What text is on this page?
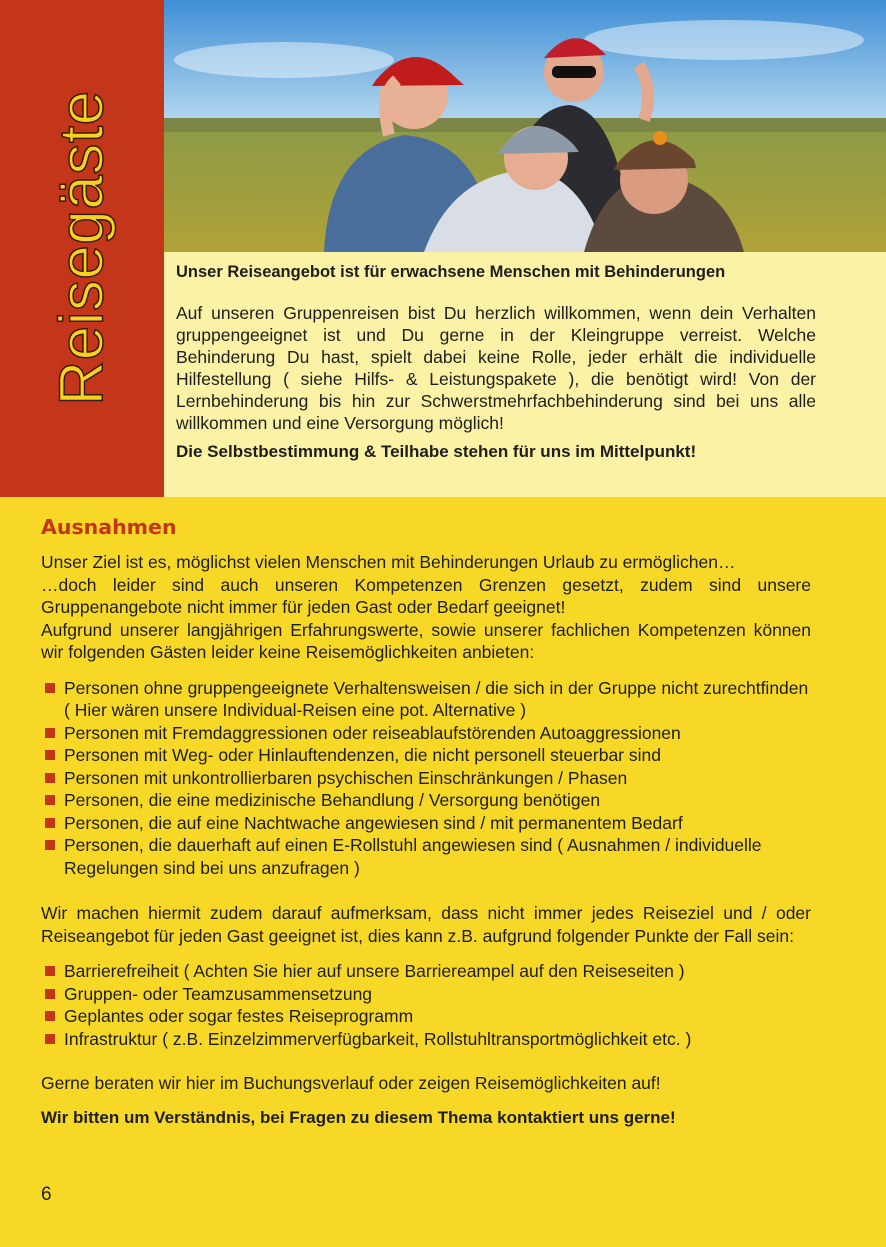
Reisegäste	Unser Reiseangebot ist für erwachsene Menschen mit Behinderungen

Auf unseren Gruppenreisen bist Du herzlich willkommen, wenn dein Verhalten gruppengeeignet ist und Du gerne in der Kleingruppe verreist. Welche Behinderung Du hast, spielt dabei keine Rolle, jeder erhält die individuelle Hilfestellung ( siehe Hilfs- & Leistungspakete ), die benötigt wird! Von der Lernbehinderung bis hin zur Schwerstmehrfachbehinderung sind bei uns alle willkommen und eine Versorgung möglich!

Die Selbstbestimmung & Teilhabe stehen für uns im Mittelpunkt!

Ausnahmen

Unser Ziel ist es, möglichst vielen Menschen mit Behinderungen Urlaub zu ermöglichen…

…doch leider sind auch unseren Kompetenzen Grenzen gesetzt, zudem sind unsere Gruppenangebote nicht immer für jeden Gast oder Bedarf geeignet!

Aufgrund unserer langjährigen Erfahrungswerte, sowie unserer fachlichen Kompetenzen können wir folgenden Gästen leider keine Reisemöglichkeiten anbieten:

Personen ohne gruppengeeignete Verhaltensweisen / die sich in der Gruppe nicht zurechtfinden ( Hier wären unsere Individual-Reisen eine pot. Alternative )
Personen mit Fremdaggressionen oder reiseablaufstörenden Autoaggressionen
Personen mit Weg- oder Hinlauftendenzen, die nicht personell steuerbar sind
Personen mit unkontrollierbaren psychischen Einschränkungen / Phasen
Personen, die eine medizinische Behandlung / Versorgung benötigen
Personen, die auf eine Nachtwache angewiesen sind / mit permanentem Bedarf
Personen, die dauerhaft auf einen E-Rollstuhl angewiesen sind ( Ausnahmen / individuelle Regelungen sind bei uns anzufragen )

Wir machen hiermit zudem darauf aufmerksam, dass nicht immer jedes Reiseziel und / oder Reiseangebot für jeden Gast geeignet ist, dies kann z.B. aufgrund folgender Punkte der Fall sein:

Barrierefreiheit ( Achten Sie hier auf unsere Barriereampel auf den Reiseseiten )
Gruppen- oder Teamzusammensetzung
Geplantes oder sogar festes Reiseprogramm
Infrastruktur ( z.B. Einzelzimmerverfügbarkeit, Rollstuhltransportmöglichkeit etc. )

Gerne beraten wir hier im Buchungsverlauf oder zeigen Reisemöglichkeiten auf!

Wir bitten um Verständnis, bei Fragen zu diesem Thema kontaktiert uns gerne!

6
